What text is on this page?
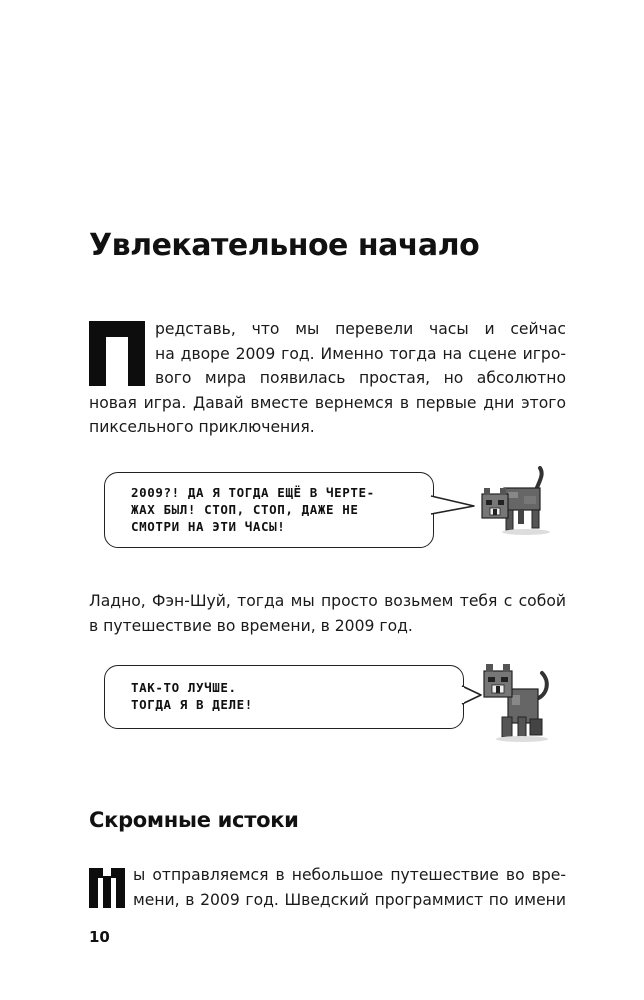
Увлекательное начало
редставь, что мы перевели часы и сейчас
на дворе 2009 год. Именно тогда на сцене игро-
вого мира появилась простая, но абсолютно
новая игра. Давай вместе вернемся в первые дни этого
пиксельного приключения.
2009?! ДА Я ТОГДА ЕЩЁ В ЧЕРТЕ-
ЖАХ БЫЛ! СТОП, СТОП, ДАЖЕ НЕ
СМОТРИ НА ЭТИ ЧАСЫ!
Ладно, Фэн-Шуй, тогда мы просто возьмем тебя с собой
в путешествие во времени, в 2009 год.
ТАК-ТО ЛУЧШЕ.
ТОГДА Я В ДЕЛЕ!
Скромные истоки
ы отправляемся в небольшое путешествие во вре-
мени, в 2009 год. Шведский программист по имени
10
